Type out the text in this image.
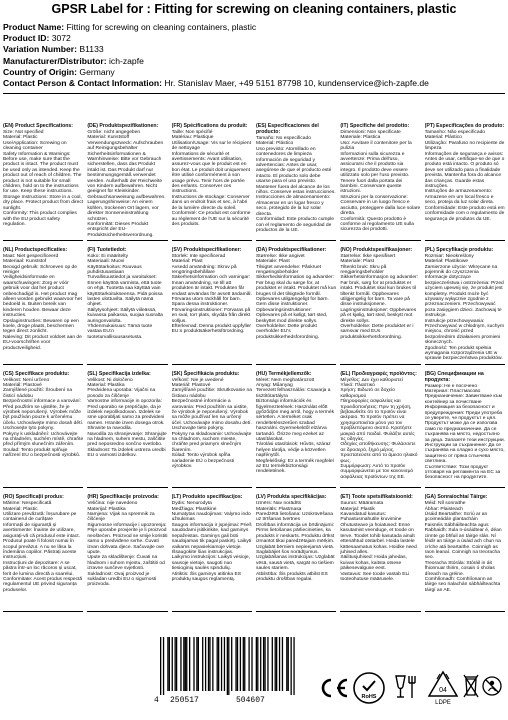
GPSR Label for : Fitting for screwing on cleaning containers, plastic
Product Name: Fitting for screwing on cleaning containers, plastic
Product ID: 3072
Variation Number: B1133
Manufacturer/Distributor: ich-zapfe
Country of Origin: Germany
Contact Person & Contact Information: Hr. Stanislav Maer, +49 5151 87798 10, kundenservice@ich-zapfe.de
(EN) Product Specifications:
Size: Not specified
Material: Plastic
Use/Application: Screwing on cleaning container
Safety Information & Warnings: Before use, make sure that the product is intact. The product must be used only as intended. Keep the product out of reach of children. The product is not suitable for small children, hold on to the instructions for use. Keep these instructions.
Storage Instructions: Store in a cool, dry place. Protect product from direct sunlight.
Conformity: This product complies with the EU product safety regulation.
(DE) Produktspezifikationen:
Größe: nicht angegeben
Material: Kunststoff
Verwendungszweck: Aufschrauben auf Reinigungsbehälter
Sicherheitsinformationen & Warnhinweise: Bitte vor Gebrauch sicherstellen, dass das Produkt intakt ist. Das Produkt darf nur bestimmungsgemäß verwendet werden. Außerhalb der Reichweite von Kindern aufbewahren. Nicht geeignet für Kleinkinder. Gebrauchsanweisung aufbewahren.
Lagerungshinweise: An einem kühlen, trockenen Ort lagern, vor direkter Sonneneinstrahlung schützen.
Konformität: Dieses Produkt entspricht der EU-Produktsicherheitsverordnung.
(FR) Spécifications du produit:
Taille: Non spécifié
Matériau: Plastique
Utilisation/Usage: Vis sur le récipient de nettoyage
Informations de sécurité et avertissements: Avant utilisation, assurez-vous que le produit est en bon état. Le produit doit uniquement être utilisé conformément à son usage prévu. Tenir hors de portée des enfants. Conserver ces instructions.
Instructions de stockage: Conserver dans un endroit frais et sec, à l'abri de la lumière directe du soleil.
Conformité: Ce produit est conforme au règlement de l'UE sur la sécurité des produits.
(ES) Especificaciones del producto:
Tamaño: No especificado
Material: Plástico
Uso previsto: Atornillado en contenedores de limpieza
Información de seguridad y advertencias: Antes de usar, asegúrese de que el producto esté intacto. El producto solo debe usarse para el uso previsto. Mantener fuera del alcance de los niños. Conserve estas instrucciones.
Instrucciones de almacenamiento: Almacenar en un lugar fresco y seco, protegido de la luz solar directa.
Conformidad: Este producto cumple con el reglamento de seguridad de productos de la UE.
(IT) Specifiche del prodotto:
Dimensioni: Non specificate
Materiale: Plastica
Uso: Avvitare il contenitore per la pulizia
Informazioni sulla sicurezza e avvertenze: Prima dell'uso, assicurarsi che il prodotto sia integro. Il prodotto deve essere utilizzato solo per l'uso previsto. Tenere fuori dalla portata dei bambini. Conservare queste istruzioni.
Istruzioni per la conservazione: Conservare in un luogo fresco e asciutto, proteggere dalla luce solare diretta.
Conformità: Questo prodotto è conforme al regolamento UE sulla sicurezza dei prodotti.
(PT) Especificações do produto:
Tamanho: Não especificado
Material: Plástico
Utilização: Parafuso no recipiente de limpeza
Informações de segurança e avisos: Antes de usar, certifique-se de que o produto está intacto. O produto só deve ser utilizado para a finalidade prevista. Mantenha fora do alcance das crianças. Guarde estas instruções.
Instruções de armazenamento: Armazene em um local fresco e seco, proteja da luz solar direta.
Conformidade: Este produto está em conformidade com o regulamento de segurança de produtos da UE.
(NL) Productspecificaties:
Maat: Niet gespecificeerd
Materiaal: Kunststof
Beoogd gebruik: Schroeven op de reiniger
Veiligheidsinformatie en waarschuwingen: Zorg er vóór gebruik voor dat het product onbeschadigd is. Het product mag alleen worden gebruikt waarvoor het bedoeld is. Buiten bereik van kinderen houden. Bewaar deze instructies.
Opslaginstructies: Bewaren op een koele, droge plaats, beschermen tegen direct zonlicht.
Naleving: Dit product voldoet aan de EU-voorschriften voor productveiligheid.
(FI) Tuotetiedot:
Koko: Ei määritelty
Materiaali: Muovi
Käyttötarkoitus: Ruuvaus puhdistusastiaan
Turvallisuustiedot ja varoitukset: Ennen käyttöä varmista, että tuote on ehjä. Tuotetta saa käyttää vain käyttötarkoitukseensa. Pidä poissa lasten ulottuvilta. Säilytä nämä ohjeet.
Säilytysohjeet: Säilytä viileässä, kuivassa paikassa, suojaa suoralta auringonvalolta.
Yhdenmukaisuus: Tämä tuote vastaa EU:n tuoteturvallisuusasetusta.
(SV) Produktspecifikationer:
Storlek: Inte specificerad
Material: Plast
Avsedd användning: Skruv på rengöringsbehållare
Säkerhetsinformation och varningar: Innan användning, se till att produkten är intakt. Produkten får endast användas för avsett ändamål. Förvaras utom räckhåll för barn. Spara dessa instruktioner.
Förvaringsinstruktioner: Förvaras på en sval, torr plats, skydda från direkt solljus.
Efterlevnad: Denna produkt uppfyller EU:s produktsäkerhetsförordning.
(DA) Produktspecifikationer:
Størrelse: Ikke angivet
Materiale: Plast
Tilsigtet anvendelse: Påskruet rengøringsbeholder
Sikkerhedsinformation og advarsler: Før brug skal du sørge for, at produktet er intakt. Produktet må kun bruges til det tilsigtede formål. Opbevares utilgængeligt for børn. Gem disse instruktioner.
Opbevaringsinstruktioner: Opbevares på et køligt, tørt sted, beskyttet mod direkte sollys.
Overholdelse: Dette produkt overholder EU's produktsikkerhedsforordning.
(NO) Produktspesifikasjoner:
Størrelse: Ikke spesifisert
Materiale: Plast
Tiltenkt bruk: Skru på rengjøringsbeholder
Sikkerhetsinformasjon og advarsler: Før bruk, sørg for at produktet er intakt. Produktet skal kun brukes til tiltenkt formål. Oppbevares utilgjengelig for barn. Ta vare på disse instruksjonene.
Lagringsinstruksjoner: Oppbevares på et kjølig, tørt sted, beskytt mot direkte sollys.
Overholdelse: Dette produktet er i samsvar med EUs produktsikkerhetsforordning.
(PL) Specyfikacje produktu:
Rozmiar: Nieokreślony
Materiał: Plastikowe
Zamierzone użycie: Wkręcane na pojemnik do czyszczenia
Informacje dotyczące bezpieczeństwa i ostrzeżenia: Przed użyciem upewnij się, że produkt jest kompletny. Produkt może być używany wyłącznie zgodnie z przeznaczeniem. Przechowywać poza zasięgiem dzieci. Zachowaj te instrukcje.
Instrukcje przechowywania: Przechowywać w chłodnym, suchym miejscu, chronić przed bezpośrednim działaniem promieni słonecznych.
Zgodność: Ten produkt spełnia wymagania rozporządzenia UE w sprawie bezpieczeństwa produktów.
(CS) Specifikace produktu:
Velikost: Není určeno
Materiál: Plastové
Zamýšlené použití: Šroubení na čisticí nádobu
Bezpečnostní informace a varování: Před použitím se ujistěte, že je výrobek neporušený. Výrobek může být používán pouze k určenému účelu. Uchovávejte mimo dosah dětí. Uschovejte tyto pokyny.
Pokyny k uskladnění: Uchovávejte na chladném, suchém místě, chraňte před přímým slunečním zářením.
Soulad: Tento produkt splňuje nařízení EU o bezpečnosti výrobků.
(SL) Specifikacija izdelka:
Velikost: Ni določeno
Material: Plastika
Predvidena uporaba: Vijačni na posodo za čiščenje
Varnostne informacije in opozorila: Pred uporabo se prepričajte, da je izdelek nepoškodovan. Izdelek se sme uporabljati samo za predvideni namen. Hranite izven dosega otrok. Shranite ta navodila.
Navodila za shranjevanje: Shranjujte na hladnem, suhem mestu, zaščitite pred neposredno sončno svetlobo.
Skladnost: Ta izdelek ustreza uredbi EU o varnosti izdelkov.
(SK) Špecifikácia produktu:
Veľkosť: Nie je uvedené
Materiál: Plastové
Zamýšľané použitie: Skrutkovanie na čistiacu nádobu
Bezpečnostné informácie a varovania: Pred použitím sa uistite, že výrobok je neporušený. Výrobok sa môže používať len na určený účel. Uchovávajte mimo dosahu detí. Uschovajte tieto pokyny.
Pokyny na skladovanie: Uchovávajte na chladnom, suchom mieste, chráňte pred priamym slnečným žiarením.
Súlad: Tento výrobok spĺňa nariadenie EÚ o bezpečnosti výrobkov.
(HU) Termékjellemzők:
Méret: Nem meghatározott
Anyag: Műanyag
Tervezett felhasználás: Csavarja a tisztítótartályra
Biztonsági információk és figyelmeztetések: Használat előtt győződjön meg arról, hogy a termék sértetlen. A terméket csak rendeltetésszerűen szabad használni. Gyermekektől elzárva tartandó. Őrizze meg ezeket az utasításokat.
Tárolási utasítások: Hűvös, száraz helyen tárolja, védje a közvetlen napfénytől.
Megfelelőség: Ez a termék megfelel az EU termékbiztonsági rendeletének.
(EL) Προδιαγραφές προϊόντος:
Μέγεθος: Δεν έχει καθοριστεί
Υλικό: Πλαστικό
Χρήση: Βιδωτό σε δοχείο καθαρισμού
Πληροφορίες ασφαλείας και προειδοποιήσεις: Πριν τη χρήση, βεβαιωθείτε ότι το προϊόν είναι ακέραιο. Το προϊόν πρέπει να χρησιμοποιείται μόνο για τον προβλεπόμενο σκοπό. Κρατήστε μακριά από παιδιά. Φυλάξτε αυτές τις οδηγίες.
Οδηγίες αποθήκευσης: Φυλάσσετε σε δροσερό, ξηρό μέρος, προστατεύστε από το άμεσο ηλιακό φως.
Συμμόρφωση: Αυτό το προϊόν συμμορφώνεται με τον κανονισμό ασφάλειας προϊόντων της ΕΕ.
(BG) Спецификации на продукта:
Размер: Не е посочено
Материал: Пластмасово
Предназначение: Завинтване към контейнер за почистване
Информация за безопасност и предупреждения: Преди употреба се уверете, че продуктът е цял. Продуктът може да се използва само по предназначение. Да се съхранява на място, недостъпно за деца. Запазете тези инструкции.
Инструкции за съхранение: Да се съхранява на хладно и сухо място, защитено от пряка слънчева светлина.
Съответствие: Този продукт отговаря на регламента на ЕС за безопасност на продуктите.
(RO) Specificații produs:
Mărime: Nespecificată
Material: Plastic
Utilizare prevăzută: Înșurubare pe containerul de curățare
Informații de siguranță și avertismente: Înainte de utilizare, asigurați-vă că produsul este intact. Produsul poate fi folosit numai în scopul prevăzut. A nu se lăsa la îndemâna copiilor. Păstrați aceste instrucțiuni.
Instrucțiuni de depozitare: A se păstra într-un loc răcoros și uscat, ferit de lumina directă a soarelui.
Conformitate: Acest produs respectă regulamentul UE privind siguranța produselor.
(HR) Specifikacije proizvoda:
Veličina: nije navedeno
Materijal: Plastika
Namjena: Vijak na spremnik za čišćenje
Sigurnosne informacije i upozorenja: Prije uporabe provjerite je li proizvod neoštećen. Proizvod se smije koristiti samo u predviđene svrhe. Čuvati izvan dohvata djece. Sačuvajte ove upute.
Upute za skladištenje: Čuvati na hladnom i suhom mjestu, zaštititi od izravne sunčeve svjetlosti.
Sukladnost: Ovaj proizvod je sukladan uredbi EU o sigurnosti proizvoda.
(LT) Produkto specifikacijos:
Dydis: Nenurodyta
Medžiaga: Plastikinė
Numatytas naudojimas: Valymo indo užsukimas
Saugos informacija ir įspėjimai: Prieš naudodami įsitikinkite, kad gaminys nepažeistas. Gaminys gali būti naudojamas tik pagal paskirtį. Laikyti vaikams nepasiekiamoje vietoje. Išsaugokite šias instrukcijas.
Laikymo instrukcijos: Laikyti vėsioje, sausoje vietoje, saugoti nuo tiesioginių saulės spindulių.
Atitiktis: Šis gaminys atitinka ES produktų saugos reglamentą.
(LV) Produkta specifikācijas:
Izmērs: Nav norādīts
Materiāls: Plastmasa
Paredzētā lietošana: Uzskrūvēšana uz tīrīšanas tvertnes
Drošības informācija un brīdinājumi: Pirms lietošanas pārliecinieties, ka produkts ir neskarts. Produktu drīkst izmantot tikai paredzētajam mērķim. Uzglabāt bērniem nepieejamā vietā. Saglabājiet šos norādījumus.
Uzglabāšanas instrukcijas: Uzglabāt vēsā, sausā vietā, sargāt no tiešiem saules stariem.
Atbilstība: Šis produkts atbilst ES produktu drošības regulai.
(ET) Toote spetsifikatsioonid:
Suurus: Määramata
Materjal: Plastik
Kavandatud kasutus: Puhastusmahutile kruvimine
Ohutusteave ja hoiatused: Enne kasutamist veenduge, et toode on terve. Toodet tohib kasutada ainult ettenähtud otstarbel. Hoida lastele kättesaamatus kohas. Hoidke need juhised alles.
Säilitusjuhised: Hoida jahedas, kuivas kohas, kaitsta otsese päikesevalguse eest.
Vastavus: See toode vastab ELi tooteohutuse määrusele.
(GA) Sonraíochtaí Táirge:
Méid: Níl sonraithe
Ábhar: Plaisteach
Úsáid Beartaithe: Scriú ar an gcoimeádán glantacháin
Faisnéis Sábháilteachta agus Rabhaidh: Sula n-úsáidtear é, déan cinnte go bhfuil an táirge slán. Ní féidir an táirge a úsáid ach chun na críche atá beartaithe. Coinnigh as raon leanaí. Coinnigh na treoracha seo.
Treoracha Stórála: Stóráil in áit fhionnuar thirim, cosain ó sholas díreach na gréine.
Comhlíonadh: Comhlíonann an táirge seo rialachán sábháilteachta táirgí an AE.
4 250517	504607	RoHS
04
LDPE
